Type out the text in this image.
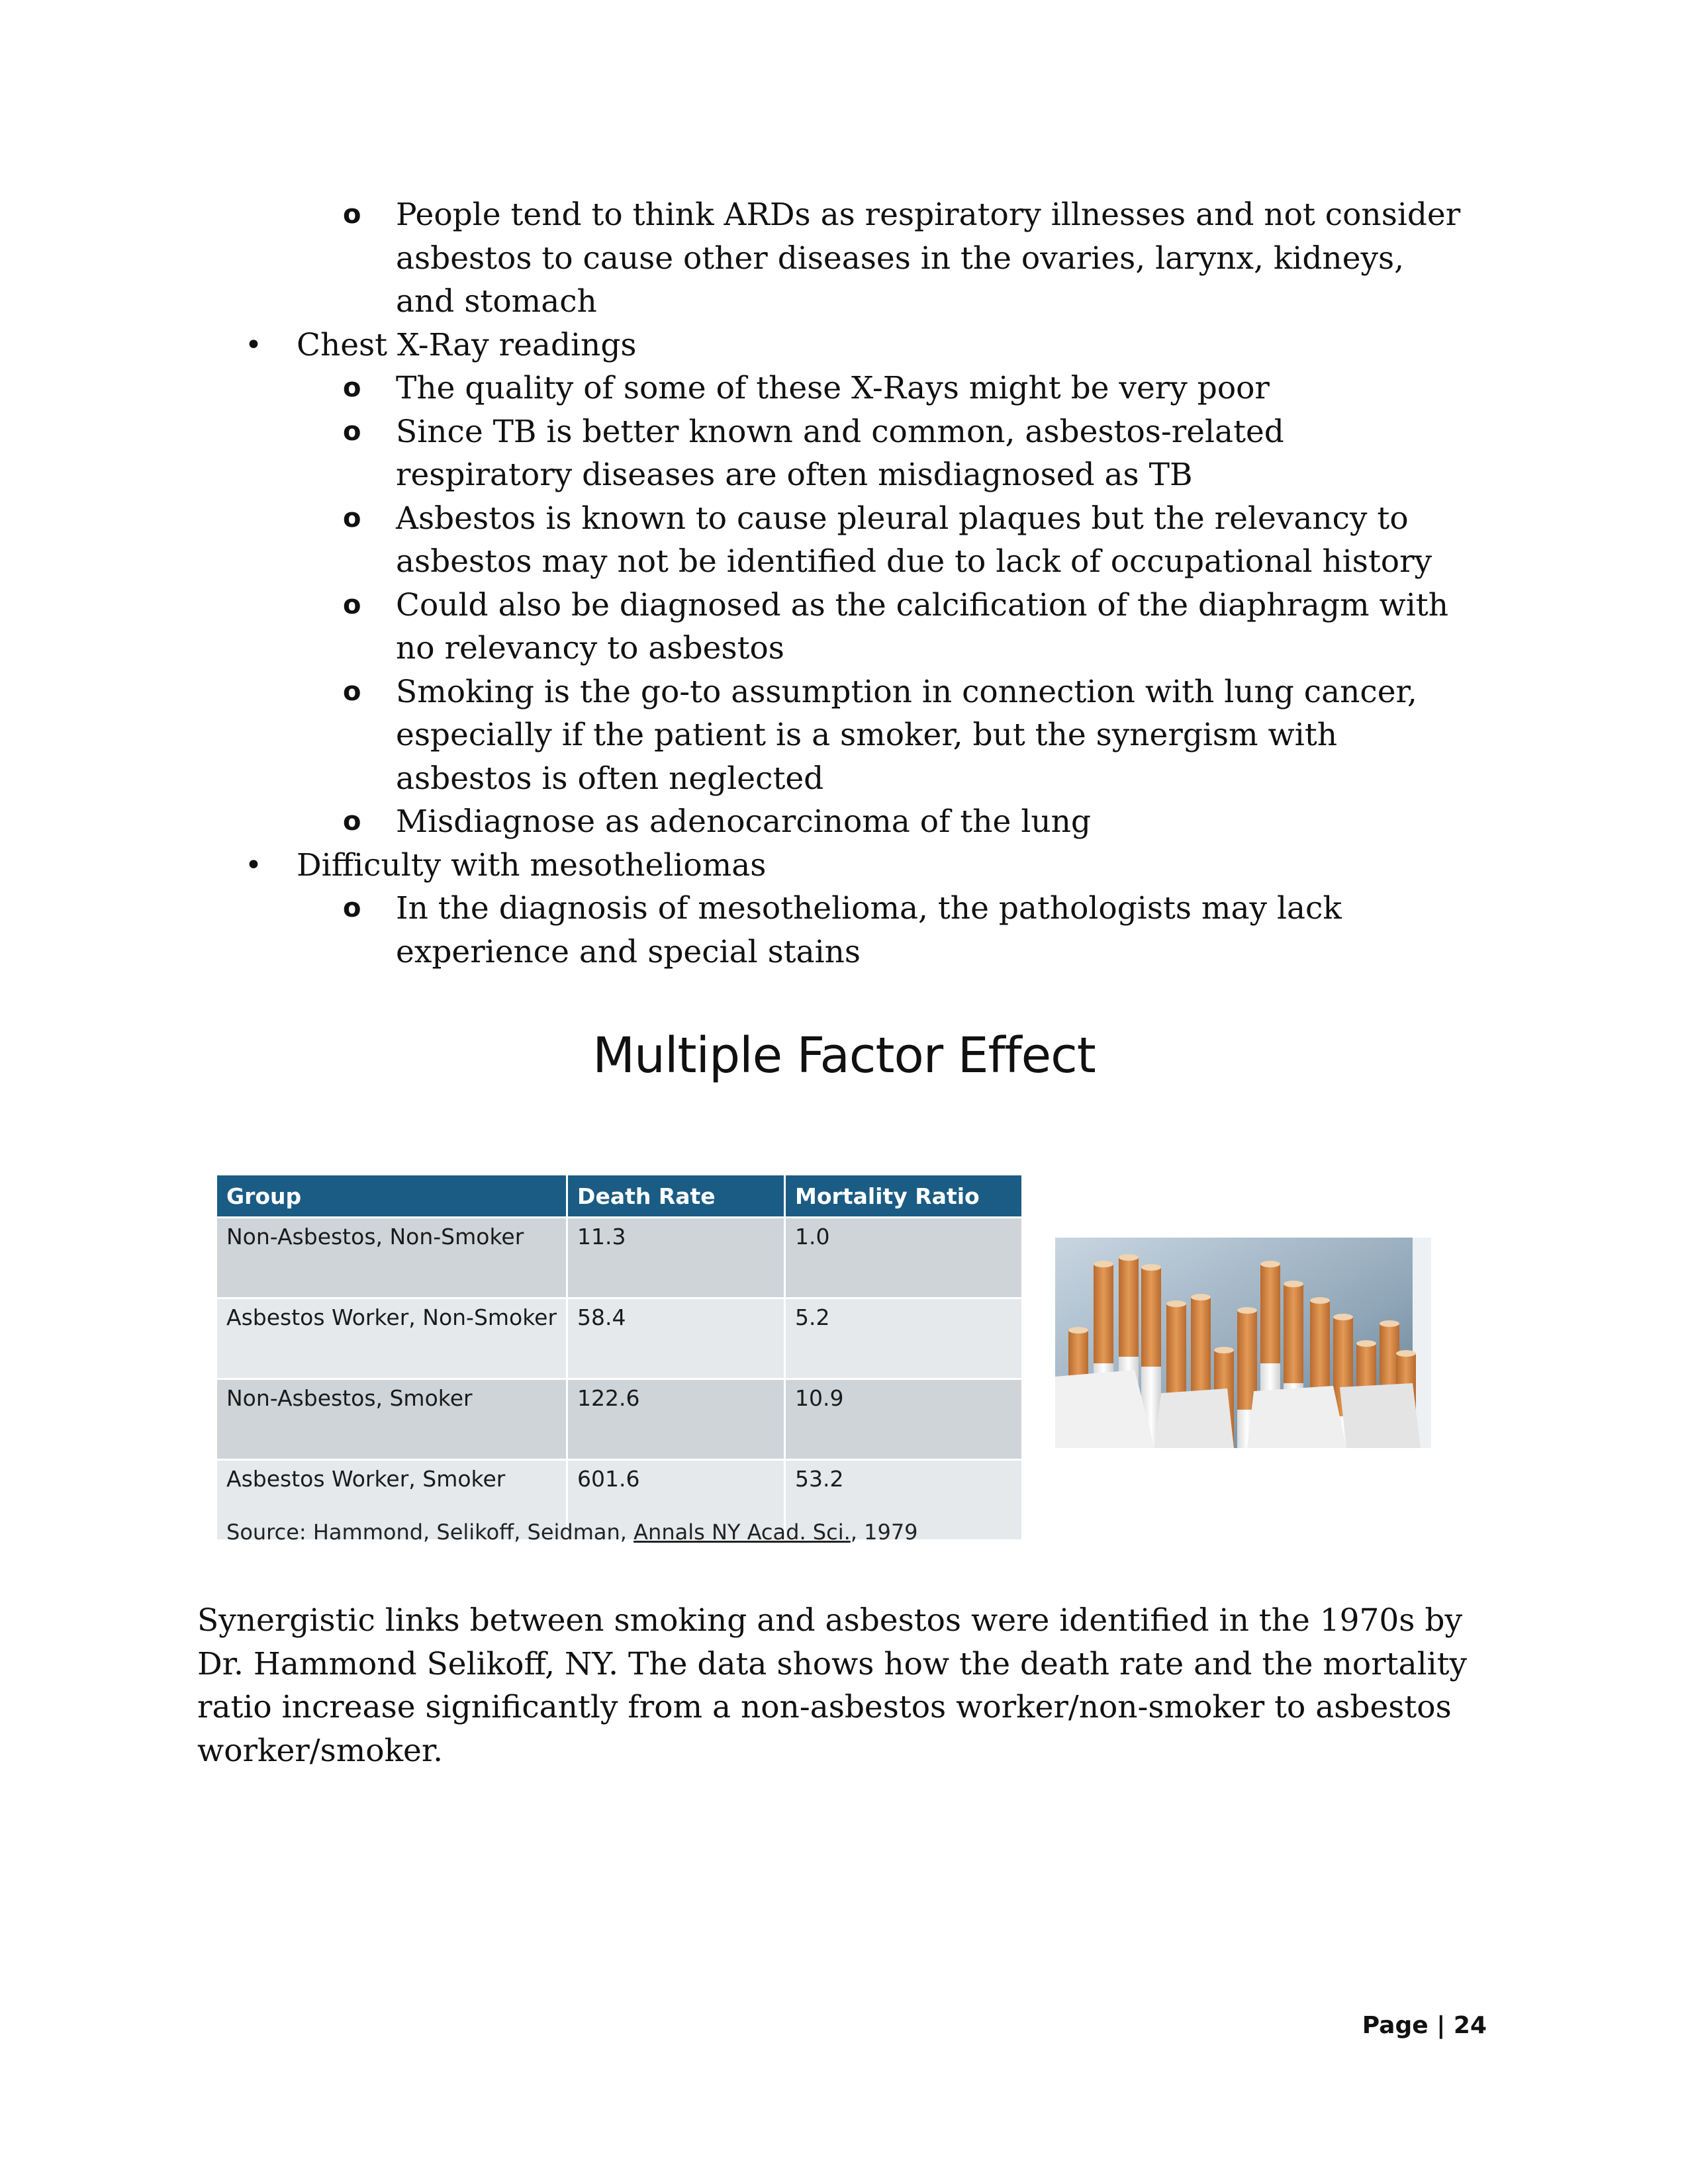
o People tend to think ARDs as respiratory illnesses and not consider asbestos to cause other diseases in the ovaries, larynx, kidneys, and stomach
• Chest X-Ray readings
o The quality of some of these X-Rays might be very poor
o Since TB is better known and common, asbestos-related respiratory diseases are often misdiagnosed as TB
o Asbestos is known to cause pleural plaques but the relevancy to asbestos may not be identified due to lack of occupational history
o Could also be diagnosed as the calcification of the diaphragm with no relevancy to asbestos
o Smoking is the go-to assumption in connection with lung cancer, especially if the patient is a smoker, but the synergism with asbestos is often neglected
o Misdiagnose as adenocarcinoma of the lung
• Difficulty with mesotheliomas
o In the diagnosis of mesothelioma, the pathologists may lack experience and special stains
Multiple Factor Effect
Group	Death Rate	Mortality Ratio
Non-Asbestos, Non-Smoker	11.3	1.0
Asbestos Worker, Non-Smoker	58.4	5.2
Non-Asbestos, Smoker	122.6	10.9
Asbestos Worker, Smoker	601.6	53.2
Source: Hammond, Selikoff, Seidman, Annals NY Acad. Sci., 1979

Synergistic links between smoking and asbestos were identified in the 1970s by Dr. Hammond Selikoff, NY. The data shows how the death rate and the mortality ratio increase significantly from a non-asbestos worker/non-smoker to asbestos worker/smoker.

Page | 24
